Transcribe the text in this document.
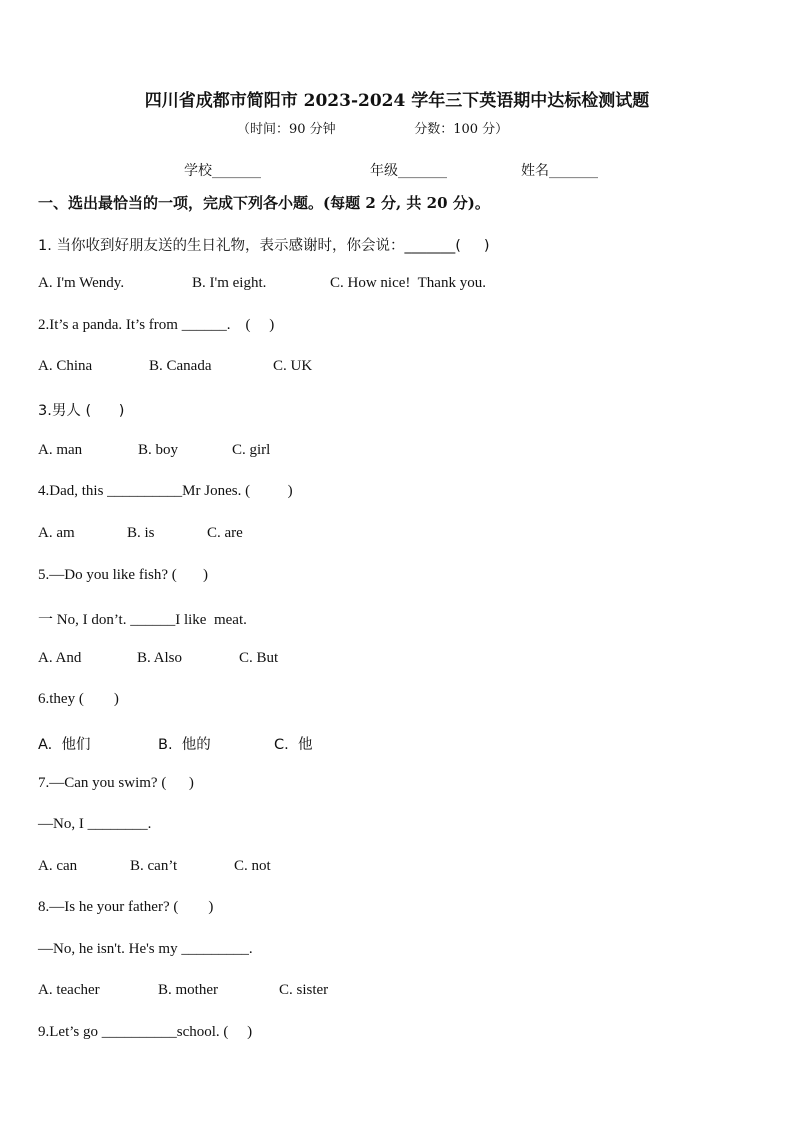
四川省成都市简阳市 2023-2024 学年三下英语期中达标检测试题
（时间：90 分钟                   分数：100 分）
学校_______	年级_______	姓名_______
一、选出最恰当的一项，完成下列各小题。(每题 2 分, 共 20 分)。
1. 当你收到好朋友送的生日礼物，表示感谢时，你会说：_______(     )
A. I'm Wendy.	B. I'm eight.	C. How nice!  Thank you.
2.It’s a panda. It’s from ______.    (     )
A. China	B. Canada	C. UK
3.男人 (      )
A. man	B. boy	C. girl
4.Dad, this __________Mr Jones. (          )
A. am	B. is	C. are
5.—Do you like fish? (       )
一 No, I don’t. ______I like  meat.
A. And	B. Also	C. But
6.they (        )
A.  他们	B.  他的	C.  他
7.—Can you swim? (      )
—No, I ________.
A. can	B. can’t	C. not
8.—Is he your father? (        )
—No, he isn't. He's my _________.
A. teacher	B. mother	C. sister
9.Let’s go __________school. (     )
